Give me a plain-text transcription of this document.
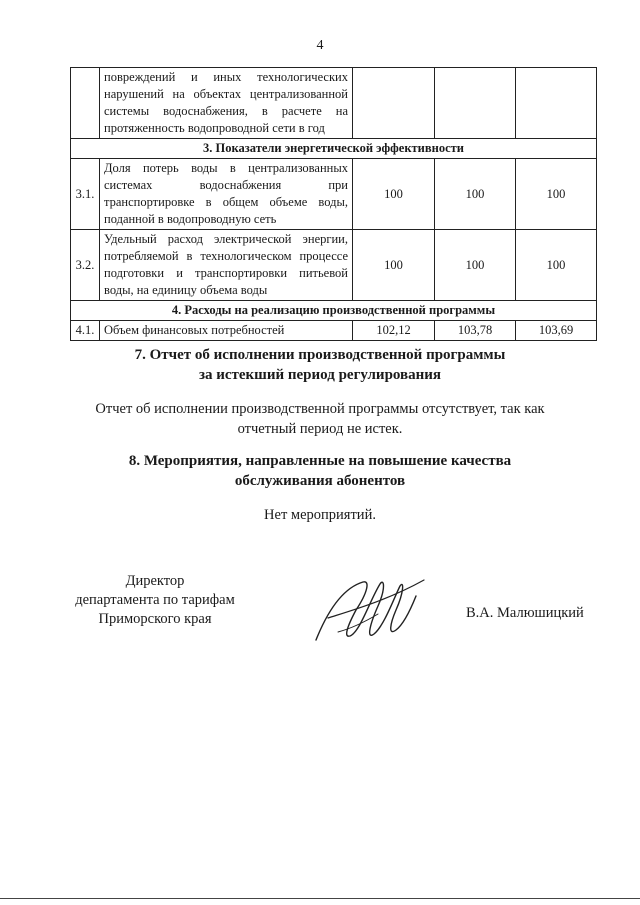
4
	повреждений и иных технологических нарушений на объектах централизованной системы водоснабжения, в расчете на протяженность водопроводной сети в год			
3. Показатели энергетической эффективности				
3.1.	Доля потерь воды в централизованных системах водоснабжения при транспортировке в общем объеме воды, поданной в водопроводную сеть	100	100	100
3.2.	Удельный расход электрической энергии, потребляемой в технологическом процессе подготовки и транспортировки питьевой воды, на единицу объема воды	100	100	100
4. Расходы на реализацию производственной программы				
4.1.	Объем финансовых потребностей	102,12	103,78	103,69
7. Отчет об исполнении производственной программы
за истекший период регулирования
Отчет об исполнении производственной программы отсутствует, так как
отчетный период не истек.
8. Мероприятия, направленные на повышение качества
обслуживания абонентов
Нет мероприятий.
Директор
департамента по тарифам
Приморского края	В.А. Малюшицкий
